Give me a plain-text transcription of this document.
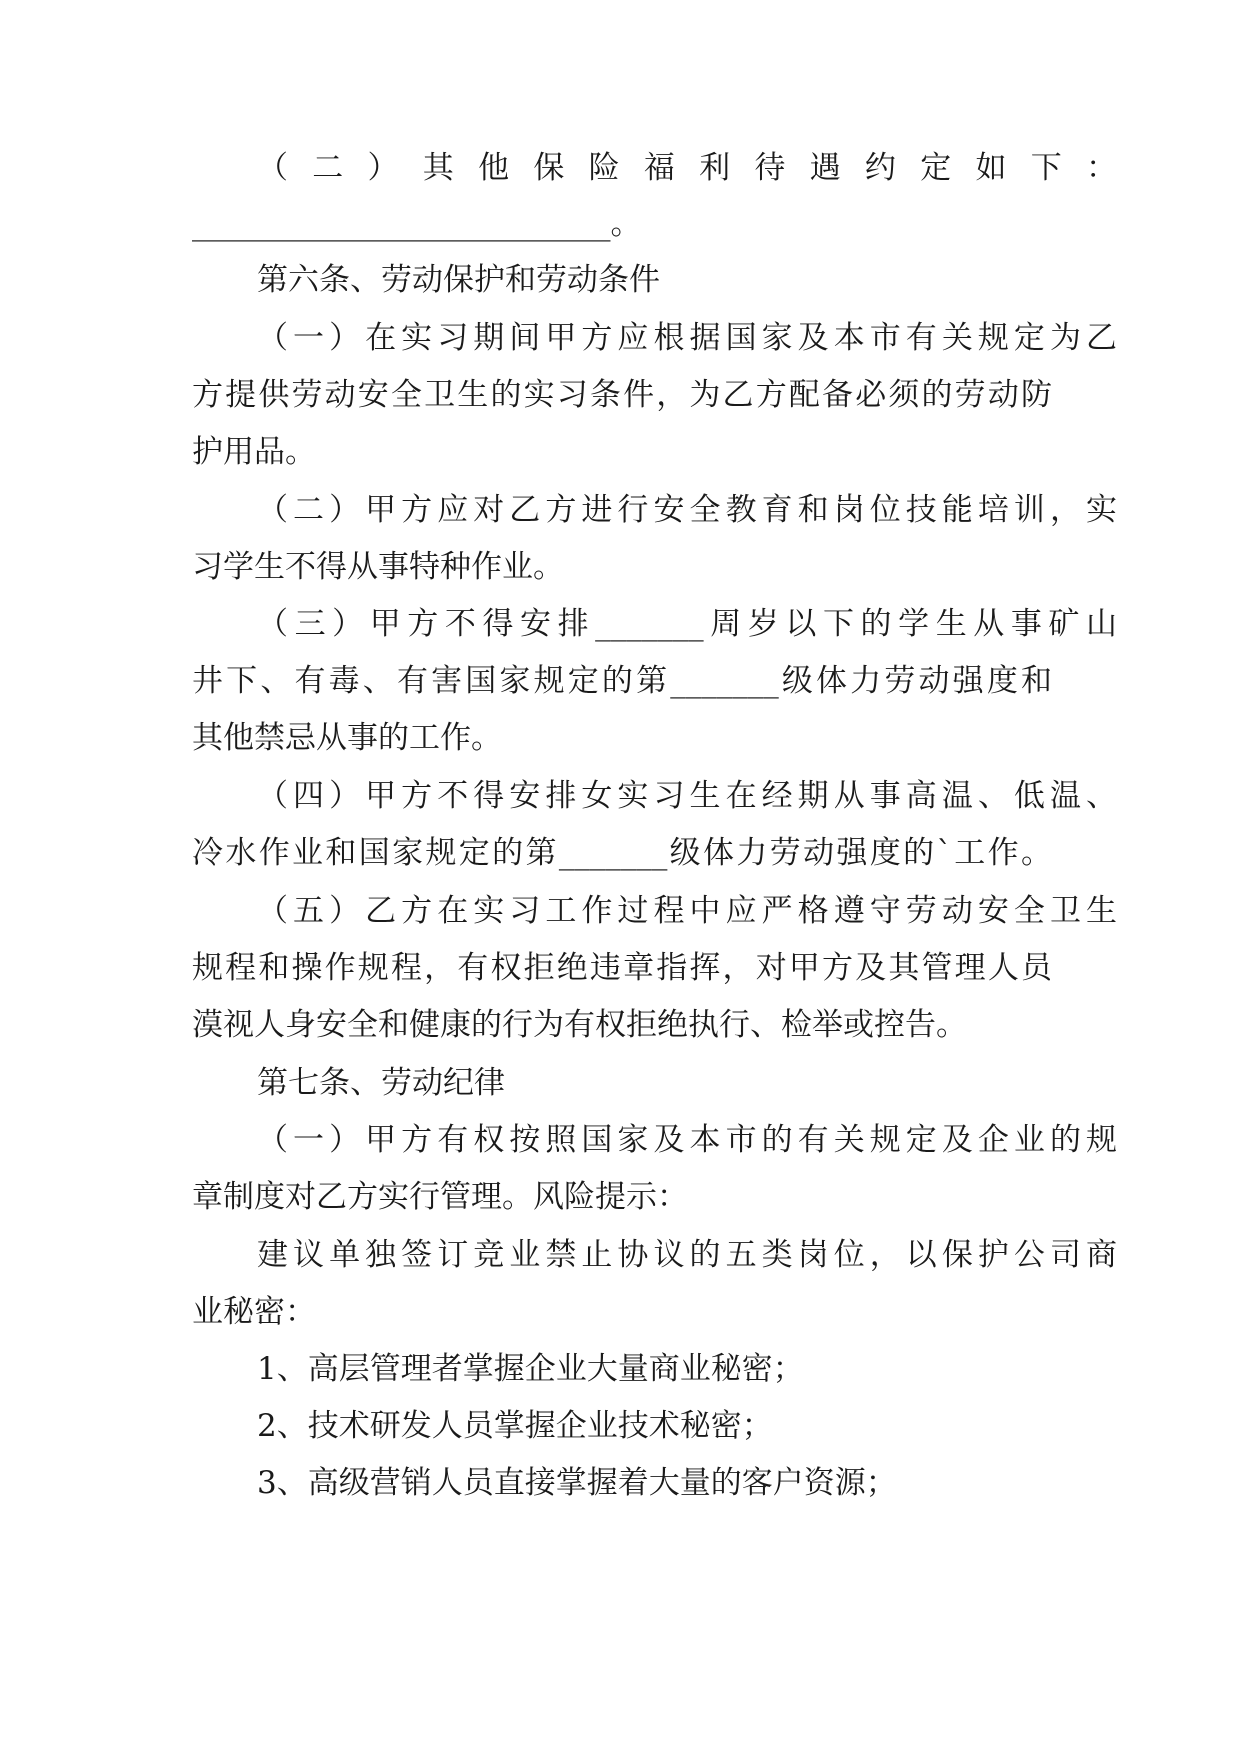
（二）其他保险福利待遇约定如下：
___________________________。
第六条、劳动保护和劳动条件
（一）在实习期间甲方应根据国家及本市有关规定为乙
方提供劳动安全卫生的实习条件，为乙方配备必须的劳动防
护用品。
（二）甲方应对乙方进行安全教育和岗位技能培训，实
习学生不得从事特种作业。
（三）甲方不得安排_______周岁以下的学生从事矿山
井下、有毒、有害国家规定的第_______级体力劳动强度和
其他禁忌从事的工作。
（四）甲方不得安排女实习生在经期从事高温、低温、
冷水作业和国家规定的第_______级体力劳动强度的`工作。
（五）乙方在实习工作过程中应严格遵守劳动安全卫生
规程和操作规程，有权拒绝违章指挥，对甲方及其管理人员
漠视人身安全和健康的行为有权拒绝执行、检举或控告。
第七条、劳动纪律
（一）甲方有权按照国家及本市的有关规定及企业的规
章制度对乙方实行管理。风险提示：
建议单独签订竞业禁止协议的五类岗位，以保护公司商
业秘密：
1、高层管理者掌握企业大量商业秘密；
2、技术研发人员掌握企业技术秘密；
3、高级营销人员直接掌握着大量的客户资源；
